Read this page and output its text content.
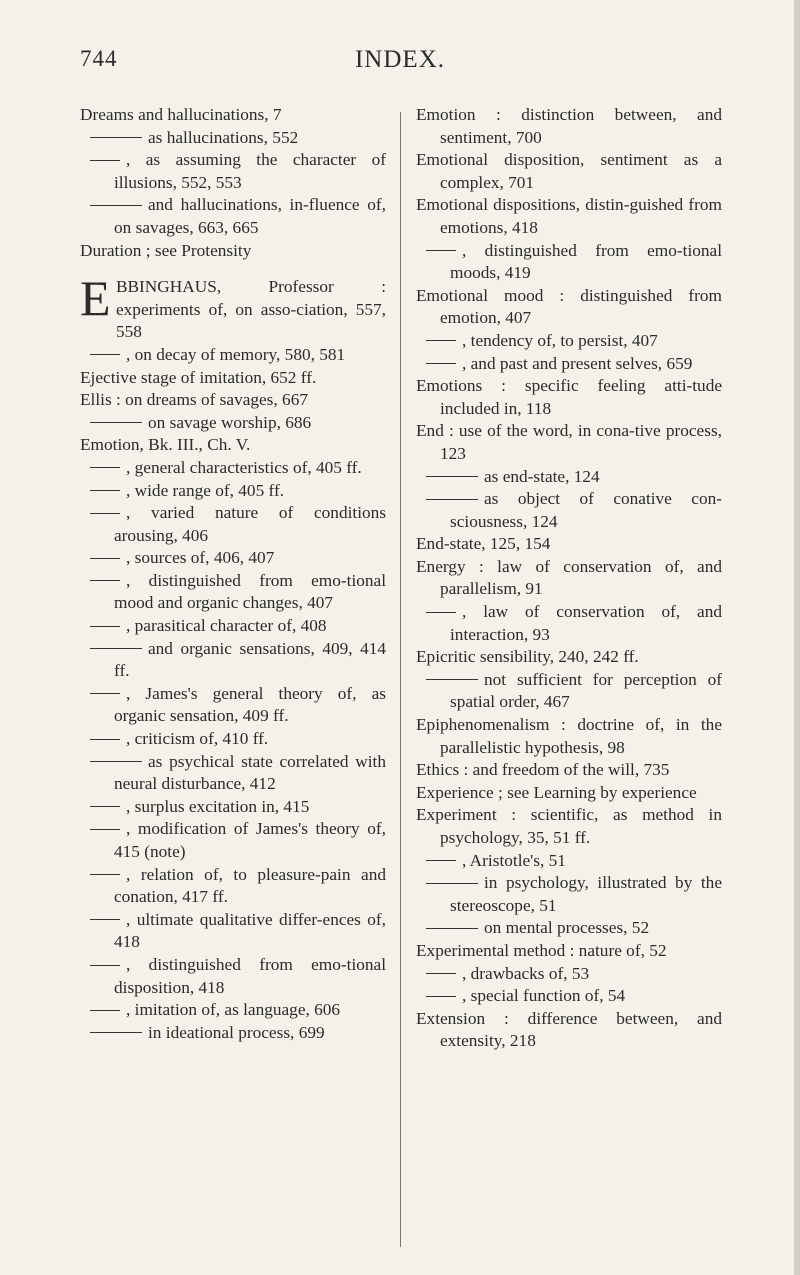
INDEX.
744

Dreams and hallucinations, 7

as hallucinations, 552

, as assuming the character of illusions, 552, 553

and hallucinations, in-fluence of, on savages, 663, 665

Duration ; see Protensity

E BBINGHAUS, Professor : experiments of, on asso-ciation, 557, 558

, on decay of memory, 580, 581

Ejective stage of imitation, 652 ff.

Ellis : on dreams of savages, 667

on savage worship, 686

Emotion, Bk. III., Ch. V.

, general characteristics of, 405 ff.

, wide range of, 405 ff.

, varied nature of conditions arousing, 406

, sources of, 406, 407

, distinguished from emo-tional mood and organic changes, 407

, parasitical character of, 408

and organic sensations, 409, 414 ff.

, James's general theory of, as organic sensation, 409 ff.

, criticism of, 410 ff.

as psychical state correlated with neural disturbance, 412

, surplus excitation in, 415

, modification of James's theory of, 415 (note)

, relation of, to pleasure-pain and conation, 417 ff.

, ultimate qualitative differ-ences of, 418

, distinguished from emo-tional disposition, 418

, imitation of, as language, 606

in ideational process, 699

Emotion : distinction between, and sentiment, 700

Emotional disposition, sentiment as a complex, 701

Emotional dispositions, distin-guished from emotions, 418

, distinguished from emo-tional moods, 419

Emotional mood : distinguished from emotion, 407

, tendency of, to persist, 407

, and past and present selves, 659

Emotions : specific feeling atti-tude included in, 118

End : use of the word, in cona-tive process, 123

as end-state, 124

as object of conative con-sciousness, 124

End-state, 125, 154

Energy : law of conservation of, and parallelism, 91

, law of conservation of, and interaction, 93

Epicritic sensibility, 240, 242 ff.

not sufficient for perception of spatial order, 467

Epiphenomenalism : doctrine of, in the parallelistic hypothesis, 98

Ethics : and freedom of the will, 735

Experience ; see Learning by experience

Experiment : scientific, as method in psychology, 35, 51 ff.

, Aristotle's, 51

in psychology, illustrated by the stereoscope, 51

on mental processes, 52

Experimental method : nature of, 52

, drawbacks of, 53

, special function of, 54

Extension : difference between, and extensity, 218
